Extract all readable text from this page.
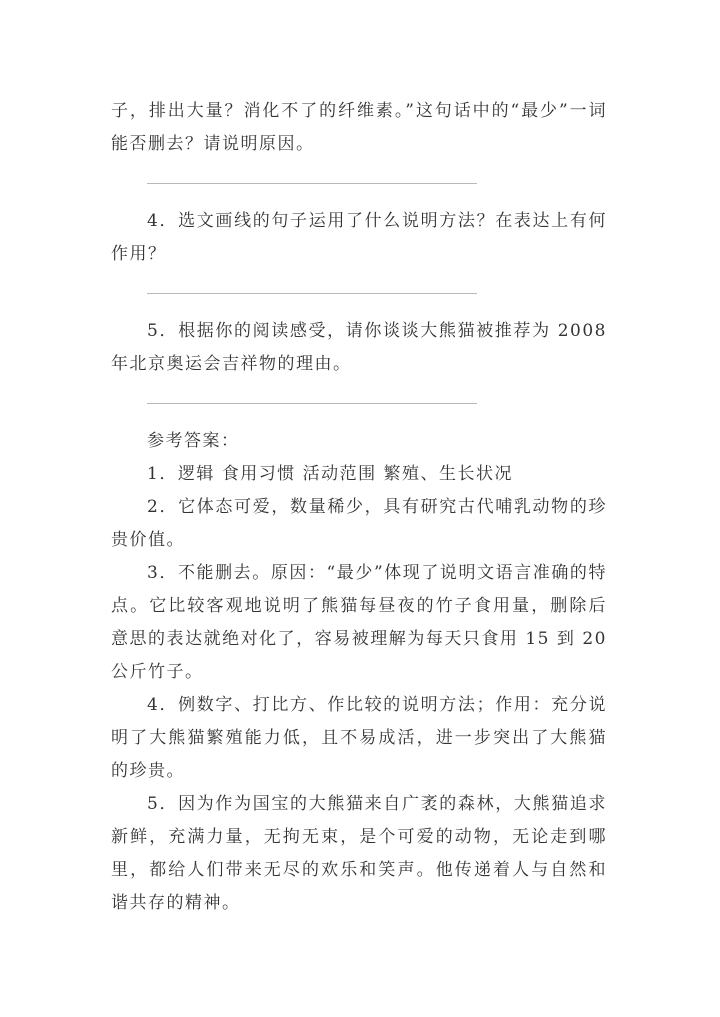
子，排出大量？消化不了的纤维素。”这句话中的“最少”一词能否删去？请说明原因。

4．选文画线的句子运用了什么说明方法？在表达上有何作用？

5．根据你的阅读感受，请你谈谈大熊猫被推荐为 2008 年北京奥运会吉祥物的理由。

参考答案：

1．逻辑 食用习惯 活动范围 繁殖、生长状况

2．它体态可爱，数量稀少，具有研究古代哺乳动物的珍贵价值。

3．不能删去。原因：“最少”体现了说明文语言准确的特点。它比较客观地说明了熊猫每昼夜的竹子食用量，删除后意思的表达就绝对化了，容易被理解为每天只食用 15 到 20 公斤竹子。

4．例数字、打比方、作比较的说明方法；作用：充分说明了大熊猫繁殖能力低，且不易成活，进一步突出了大熊猫的珍贵。

5．因为作为国宝的大熊猫来自广袤的森林，大熊猫追求新鲜，充满力量，无拘无束，是个可爱的动物，无论走到哪里，都给人们带来无尽的欢乐和笑声。他传递着人与自然和谐共存的精神。
